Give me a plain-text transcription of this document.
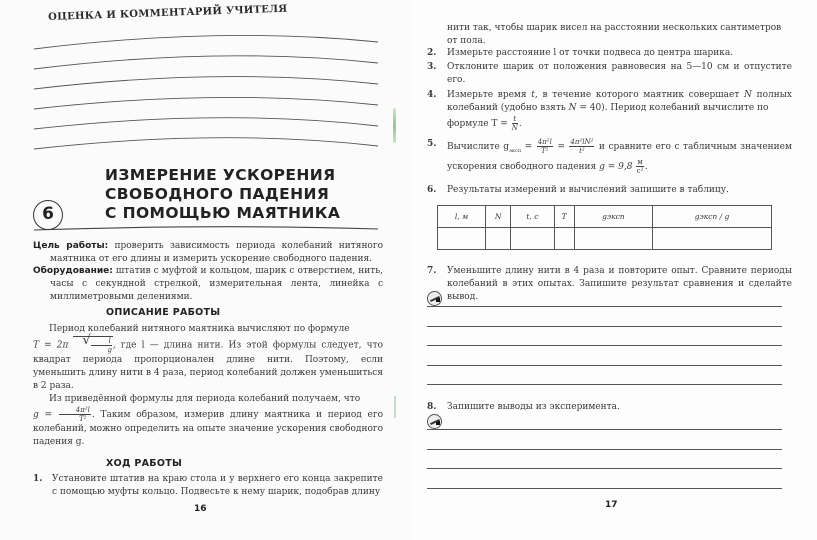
ОЦЕНКА И КОММЕНТАРИЙ УЧИТЕЛЯ
ИЗМЕРЕНИЕ УСКОРЕНИЯ
СВОБОДНОГО ПАДЕНИЯ
С ПОМОЩЬЮ МАЯТНИКА
6
Цель работы: проверить зависимость периода колебаний нитяного маятника от его длины и измерить ускорение свободного падения.
Оборудование: штатив с муфтой и кольцом, шарик с отверстием, нить, часы с секундной стрелкой, измерительная лента, линейка с миллиметровыми делениями.
ОПИСАНИЕ РАБОТЫ

Период колебаний нитяного маятника вычисляют по формуле
T = 2π	√ $\frac{l}{g}$ , где l — длина нити. Из этой формулы следует, что квадрат периода пропорционален длине нити. Поэтому, если уменьшить длину нити в 4 раза, период колебаний должен уменьшиться в 2 раза.

Из приведённой формулы для периода колебаний получаем, что
$g = \frac{\text{4π²l}}{\text{T²}}$ . Таким образом, измерив длину маятника и период его колебаний, можно определить на опыте значение ускорения свободного падения g.

ХОД РАБОТЫ
1. Установите штатив на краю стола и у верхнего его конца закрепите с помощью муфты кольцо. Подвесьте к нему шарик, подобрав длину
16
нити так, чтобы шарик висел на расстоянии нескольких сантиметров от пола.
2. Измерьте расстояние l от точки подвеса до центра шарика.
3. Отклоните шарик от положения равновесия на 5—10 см и отпустите его.
4. Измерьте время t, в течение которого маятник совершает N полных колебаний (удобно взять N = 40). Период колебаний вычислите по
формуле $T = \frac{t}{N}$ .
5. Вычислите $g_{эксп} = \frac{\text{4π²l}}{\text{T²}} = \frac{\text{4π²lN²}}{\text{t²}}$ и сравните его с табличным значением ускорения свободного падения $g = 9,8 \frac{м}{\text{с²}}$ .
6. Результаты измерений и вычислений запишите в таблицу.
l, м	N	t, с	T	gэксп	gэксп / g

7. Уменьшите длину нити в 4 раза и повторите опыт. Сравните периоды колебаний в этих опытах. Запишите результат сравнения и сделайте вывод.
8. Запишите выводы из эксперимента.
17
